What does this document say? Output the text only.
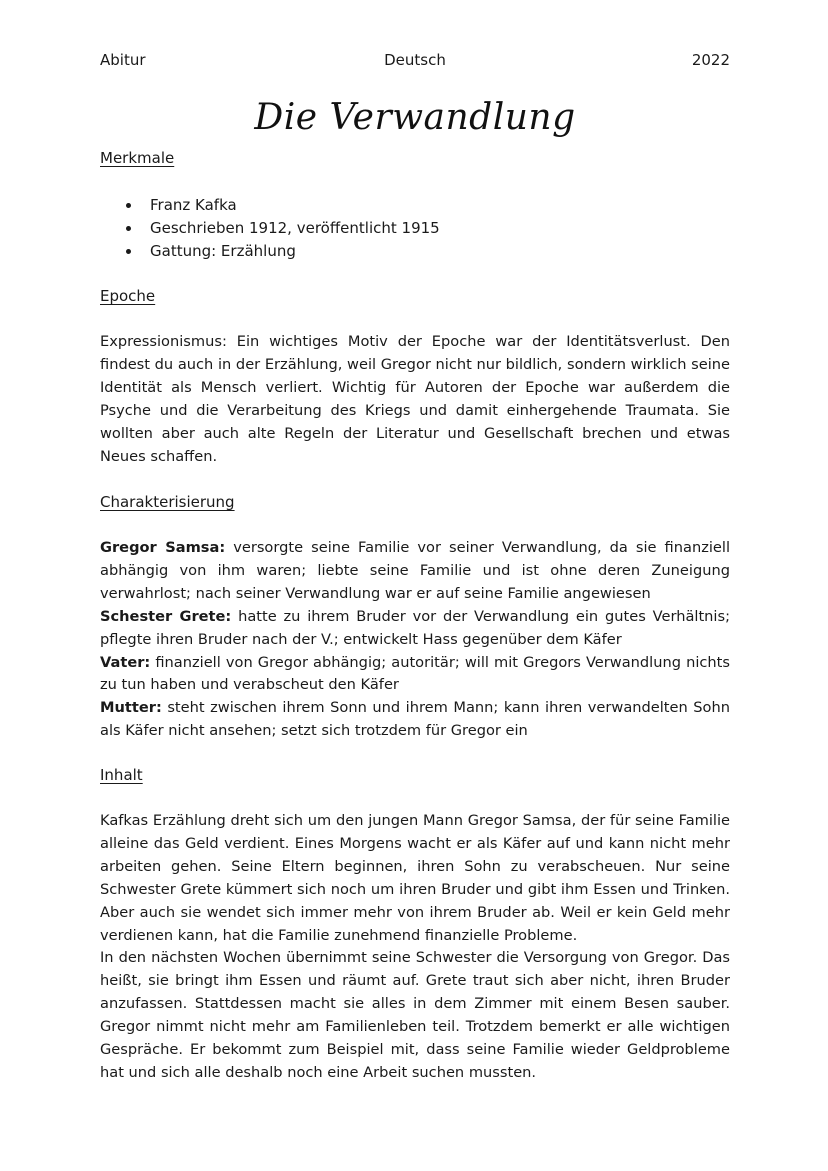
Abitur	Deutsch	2022
Die Verwandlung
Merkmale
Franz Kafka
Geschrieben 1912, veröffentlicht 1915
Gattung: Erzählung
Epoche

Expressionismus: Ein wichtiges Motiv der Epoche war der Identitätsverlust. Den findest du auch in der Erzählung, weil Gregor nicht nur bildlich, sondern wirklich seine Identität als Mensch verliert. Wichtig für Autoren der Epoche war außerdem die Psyche und die Verarbeitung des Kriegs und damit einhergehende Traumata. Sie wollten aber auch alte Regeln der Literatur und Gesellschaft brechen und etwas Neues schaffen.

Charakterisierung
Gregor Samsa: versorgte seine Familie vor seiner Verwandlung, da sie finanziell abhängig von ihm waren; liebte seine Familie und ist ohne deren Zuneigung verwahrlost; nach seiner Verwandlung war er auf seine Familie angewiesen
Schester Grete: hatte zu ihrem Bruder vor der Verwandlung ein gutes Verhältnis; pflegte ihren Bruder nach der V.; entwickelt Hass gegenüber dem Käfer
Vater: finanziell von Gregor abhängig; autoritär; will mit Gregors Verwandlung nichts zu tun haben und verabscheut den Käfer
Mutter: steht zwischen ihrem Sonn und ihrem Mann; kann ihren verwandelten Sohn als Käfer nicht ansehen; setzt sich trotzdem für Gregor ein
Inhalt
Kafkas Erzählung dreht sich um den jungen Mann Gregor Samsa, der für seine Familie alleine das Geld verdient. Eines Morgens wacht er als Käfer auf und kann nicht mehr arbeiten gehen. Seine Eltern beginnen, ihren Sohn zu verabscheuen. Nur seine Schwester Grete kümmert sich noch um ihren Bruder und gibt ihm Essen und Trinken. Aber auch sie wendet sich immer mehr von ihrem Bruder ab. Weil er kein Geld mehr verdienen kann, hat die Familie zunehmend finanzielle Probleme.
In den nächsten Wochen übernimmt seine Schwester die Versorgung von Gregor. Das heißt, sie bringt ihm Essen und räumt auf. Grete traut sich aber nicht, ihren Bruder anzufassen. Stattdessen macht sie alles in dem Zimmer mit einem Besen sauber. Gregor nimmt nicht mehr am Familienleben teil. Trotzdem bemerkt er alle wichtigen Gespräche. Er bekommt zum Beispiel mit, dass seine Familie wieder Geldprobleme hat und sich alle deshalb noch eine Arbeit suchen mussten.
